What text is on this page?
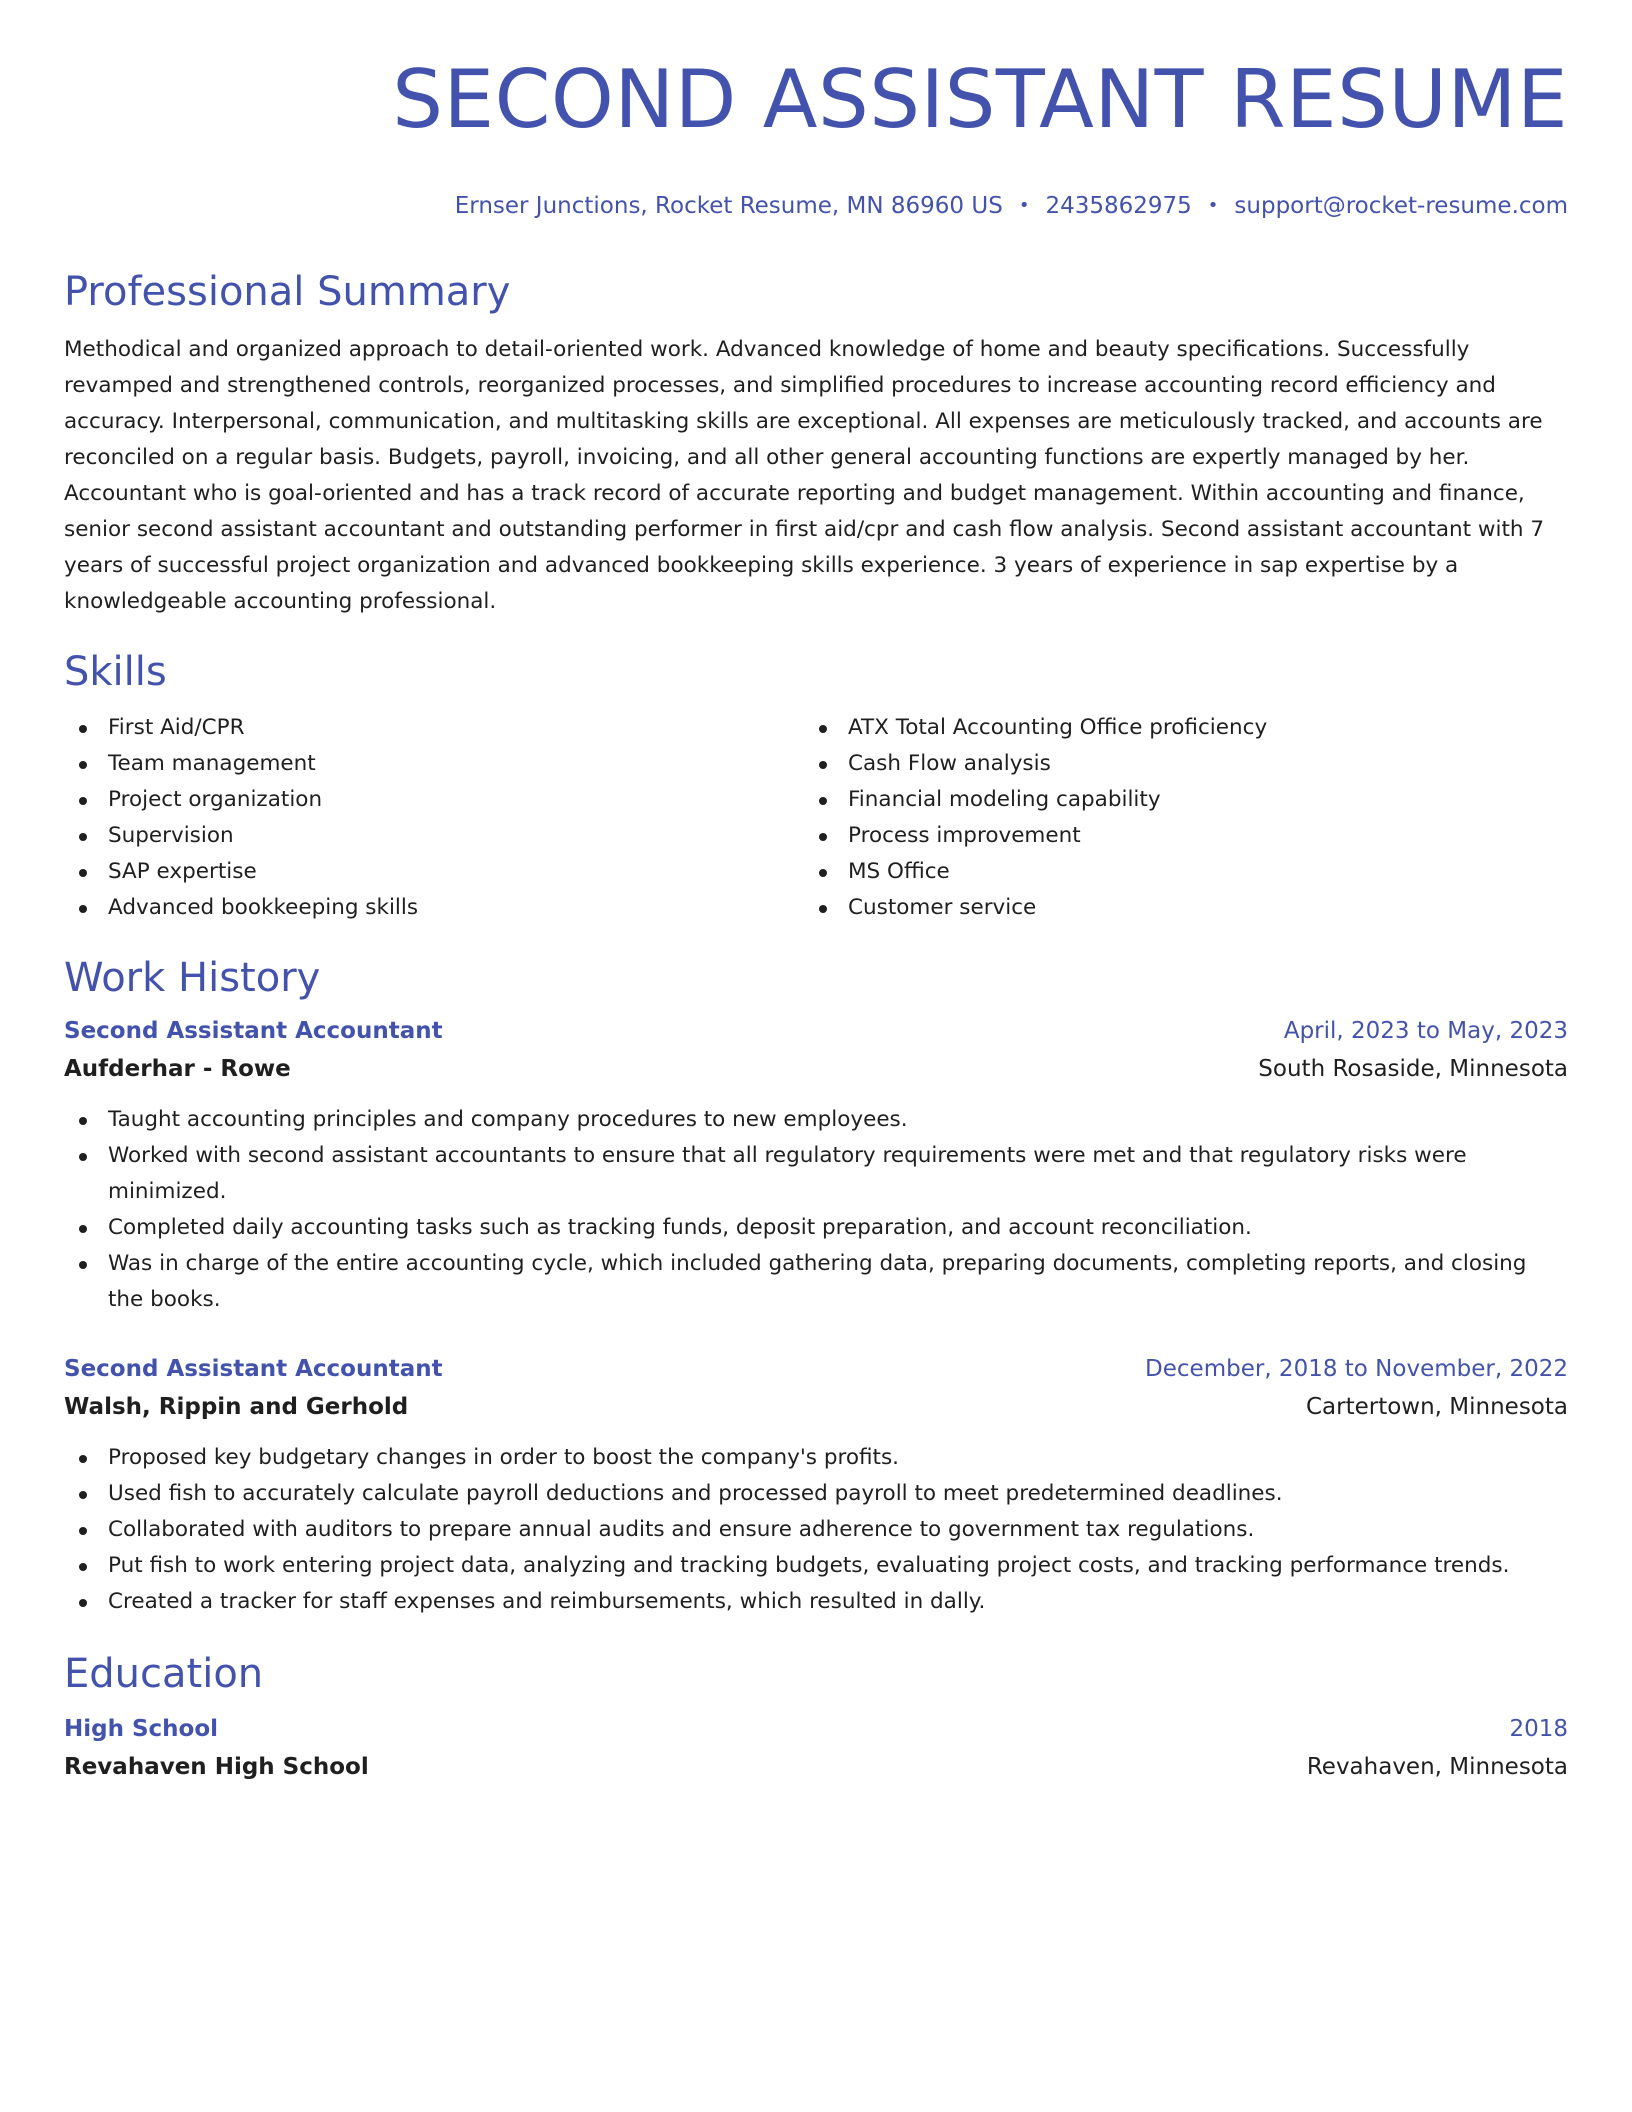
SECOND ASSISTANT RESUME
Ernser Junctions, Rocket Resume, MN 86960 US • 2435862975 • support@rocket-resume.com
Professional Summary

Methodical and organized approach to detail-oriented work. Advanced knowledge of home and beauty specifications. Successfully revamped and strengthened controls, reorganized processes, and simplified procedures to increase accounting record efficiency and accuracy. Interpersonal, communication, and multitasking skills are exceptional. All expenses are meticulously tracked, and accounts are reconciled on a regular basis. Budgets, payroll, invoicing, and all other general accounting functions are expertly managed by her. Accountant who is goal-oriented and has a track record of accurate reporting and budget management. Within accounting and finance, senior second assistant accountant and outstanding performer in first aid/cpr and cash flow analysis. Second assistant accountant with 7 years of successful project organization and advanced bookkeeping skills experience. 3 years of experience in sap expertise by a knowledgeable accounting professional.

Skills
First Aid/CPR
Team management
Project organization
Supervision
SAP expertise
Advanced bookkeeping skills
ATX Total Accounting Office proficiency
Cash Flow analysis
Financial modeling capability
Process improvement
MS Office
Customer service
Work History
Second Assistant Accountant	April, 2023 to May, 2023
Aufderhar - Rowe	South Rosaside, Minnesota
Taught accounting principles and company procedures to new employees.
Worked with second assistant accountants to ensure that all regulatory requirements were met and that regulatory risks were minimized.
Completed daily accounting tasks such as tracking funds, deposit preparation, and account reconciliation.
Was in charge of the entire accounting cycle, which included gathering data, preparing documents, completing reports, and closing the books.
Second Assistant Accountant	December, 2018 to November, 2022
Walsh, Rippin and Gerhold	Cartertown, Minnesota
Proposed key budgetary changes in order to boost the company's profits.
Used fish to accurately calculate payroll deductions and processed payroll to meet predetermined deadlines.
Collaborated with auditors to prepare annual audits and ensure adherence to government tax regulations.
Put fish to work entering project data, analyzing and tracking budgets, evaluating project costs, and tracking performance trends.
Created a tracker for staff expenses and reimbursements, which resulted in dally.
Education
High School	2018
Revahaven High School	Revahaven, Minnesota
